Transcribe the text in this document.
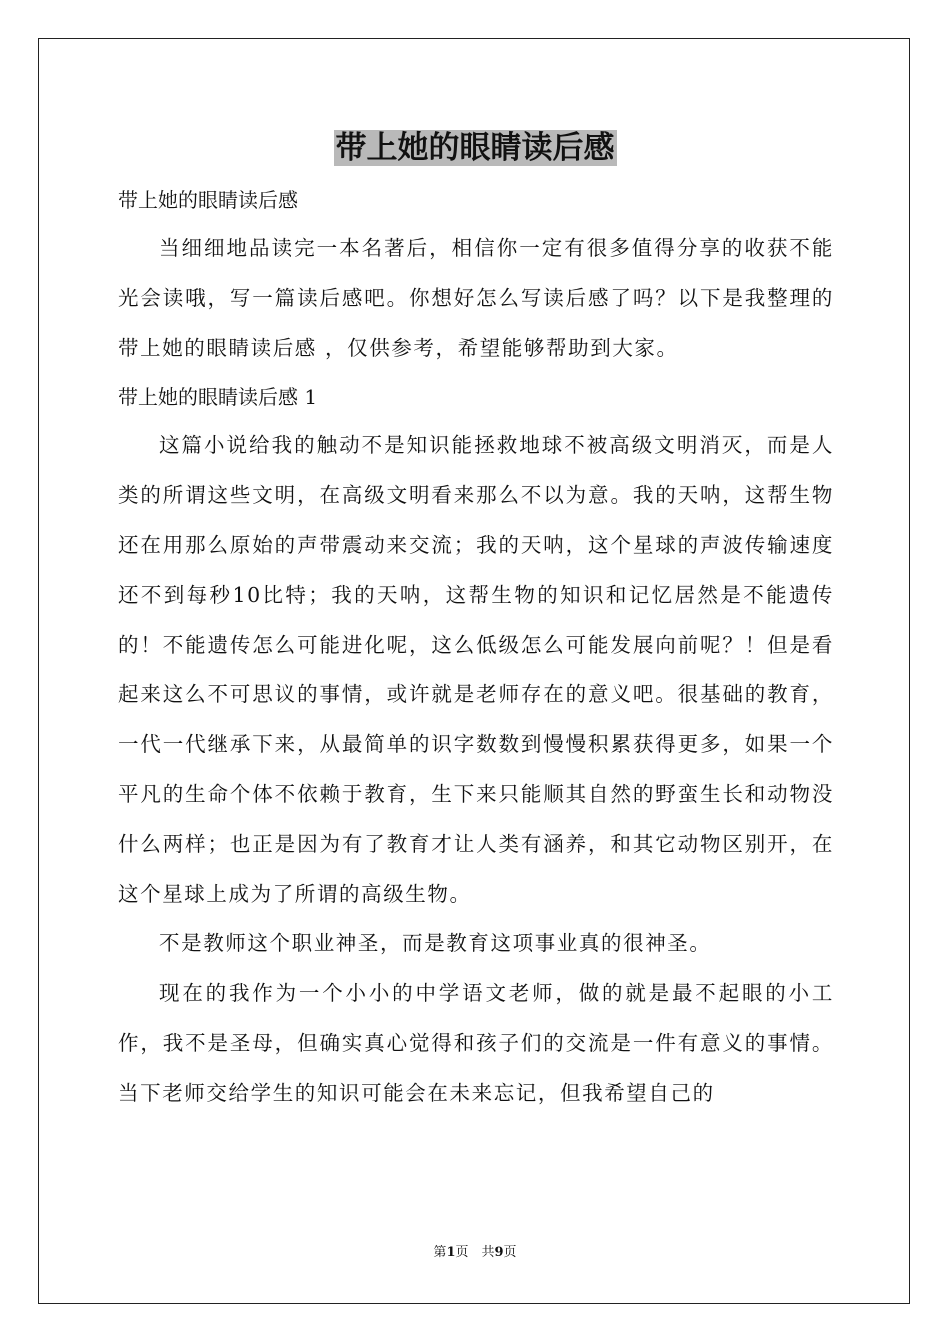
带上她的眼睛读后感
带上她的眼睛读后感

当细细地品读完一本名著后，相信你一定有很多值得分享的收获不能光会读哦，写一篇读后感吧。你想好怎么写读后感了吗？以下是我整理的带上她的眼睛读后感 ，仅供参考，希望能够帮助到大家。

带上她的眼睛读后感 1

这篇小说给我的触动不是知识能拯救地球不被高级文明消灭，而是人类的所谓这些文明，在高级文明看来那么不以为意。我的天呐，这帮生物还在用那么原始的声带震动来交流；我的天呐，这个星球的声波传输速度还不到每秒10比特；我的天呐，这帮生物的知识和记忆居然是不能遗传的！不能遗传怎么可能进化呢，这么低级怎么可能发展向前呢？！但是看起来这么不可思议的事情，或许就是老师存在的意义吧。很基础的教育，一代一代继承下来，从最简单的识字数数到慢慢积累获得更多，如果一个平凡的生命个体不依赖于教育，生下来只能顺其自然的野蛮生长和动物没什么两样；也正是因为有了教育才让人类有涵养，和其它动物区别开，在这个星球上成为了所谓的高级生物。

不是教师这个职业神圣，而是教育这项事业真的很神圣。

现在的我作为一个小小的中学语文老师，做的就是最不起眼的小工作，我不是圣母，但确实真心觉得和孩子们的交流是一件有意义的事情。当下老师交给学生的知识可能会在未来忘记，但我希望自己的

第1页　共9页
